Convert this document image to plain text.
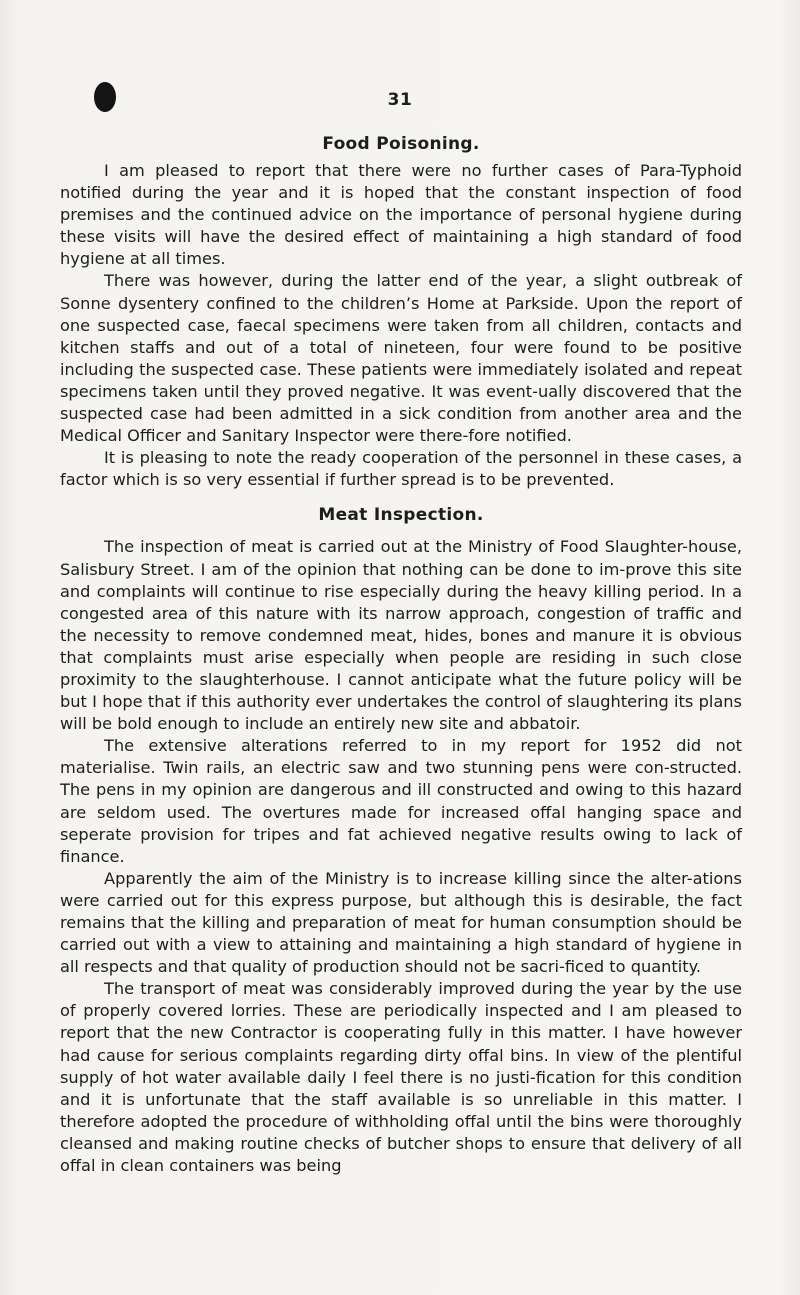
31
Food Poisoning.

I am pleased to report that there were no further cases of Para-Typhoid notified during the year and it is hoped that the constant inspection of food premises and the continued advice on the importance of personal hygiene during these visits will have the desired effect of maintaining a high standard of food hygiene at all times.

There was however, during the latter end of the year, a slight outbreak of Sonne dysentery confined to the children’s Home at Parkside. Upon the report of one suspected case, faecal specimens were taken from all children, contacts and kitchen staffs and out of a total of nineteen, four were found to be positive including the suspected case. These patients were immediately isolated and repeat specimens taken until they proved negative. It was event-ually discovered that the suspected case had been admitted in a sick condition from another area and the Medical Officer and Sanitary Inspector were there-fore notified.

It is pleasing to note the ready cooperation of the personnel in these cases, a factor which is so very essential if further spread is to be prevented.

Meat Inspection.

The inspection of meat is carried out at the Ministry of Food Slaughter-house, Salisbury Street. I am of the opinion that nothing can be done to im-prove this site and complaints will continue to rise especially during the heavy killing period. In a congested area of this nature with its narrow approach, congestion of traffic and the necessity to remove condemned meat, hides, bones and manure it is obvious that complaints must arise especially when people are residing in such close proximity to the slaughterhouse. I cannot anticipate what the future policy will be but I hope that if this authority ever undertakes the control of slaughtering its plans will be bold enough to include an entirely new site and abbatoir.

The extensive alterations referred to in my report for 1952 did not materialise. Twin rails, an electric saw and two stunning pens were con-structed. The pens in my opinion are dangerous and ill constructed and owing to this hazard are seldom used. The overtures made for increased offal hanging space and seperate provision for tripes and fat achieved negative results owing to lack of finance.

Apparently the aim of the Ministry is to increase killing since the alter-ations were carried out for this express purpose, but although this is desirable, the fact remains that the killing and preparation of meat for human consumption should be carried out with a view to attaining and maintaining a high standard of hygiene in all respects and that quality of production should not be sacri-ficed to quantity.

The transport of meat was considerably improved during the year by the use of properly covered lorries. These are periodically inspected and I am pleased to report that the new Contractor is cooperating fully in this matter. I have however had cause for serious complaints regarding dirty offal bins. In view of the plentiful supply of hot water available daily I feel there is no justi-fication for this condition and it is unfortunate that the staff available is so unreliable in this matter. I therefore adopted the procedure of withholding offal until the bins were thoroughly cleansed and making routine checks of butcher shops to ensure that delivery of all offal in clean containers was being
